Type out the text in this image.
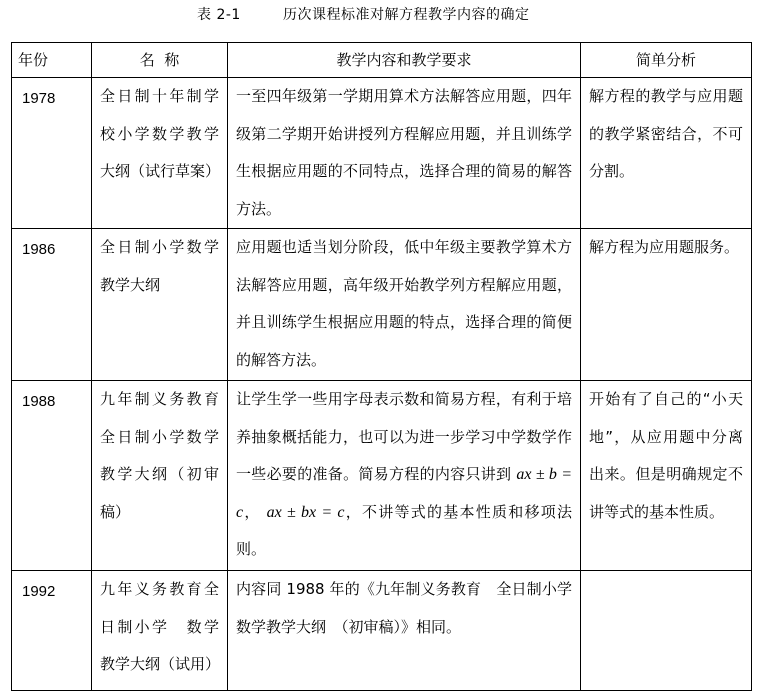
表 2-1	历次课程标准对解方程教学内容的确定
年份	名  称	教学内容和教学要求	简单分析
1978	全日制十年制学校小学数学教学大纲（试行草案）	一至四年级第一学期用算术方法解答应用题，四年级第二学期开始讲授列方程解应用题，并且训练学生根据应用题的不同特点，选择合理的简易的解答方法。	解方程的教学与应用题的教学紧密结合，不可分割。
1986	全日制小学数学教学大纲	应用题也适当划分阶段，低中年级主要教学算术方法解答应用题，高年级开始教学列方程解应用题，并且训练学生根据应用题的特点，选择合理的简便的解答方法。	解方程为应用题服务。
1988	九年制义务教育全日制小学数学教学大纲（初审稿）	让学生学一些用字母表示数和简易方程，有利于培养抽象概括能力，也可以为进一步学习中学数学作一些必要的准备。简易方程的内容只讲到 ax ± b = c， ax ± bx = c，不讲等式的基本性质和移项法则。	开始有了自己的“小天地”，从应用题中分离出来。但是明确规定不讲等式的基本性质。
1992	九年义务教育全日制小学　数学教学大纲（试用）	内容同 1988 年的《九年制义务教育　全日制小学数学教学大纲　（初审稿）》相同。	
